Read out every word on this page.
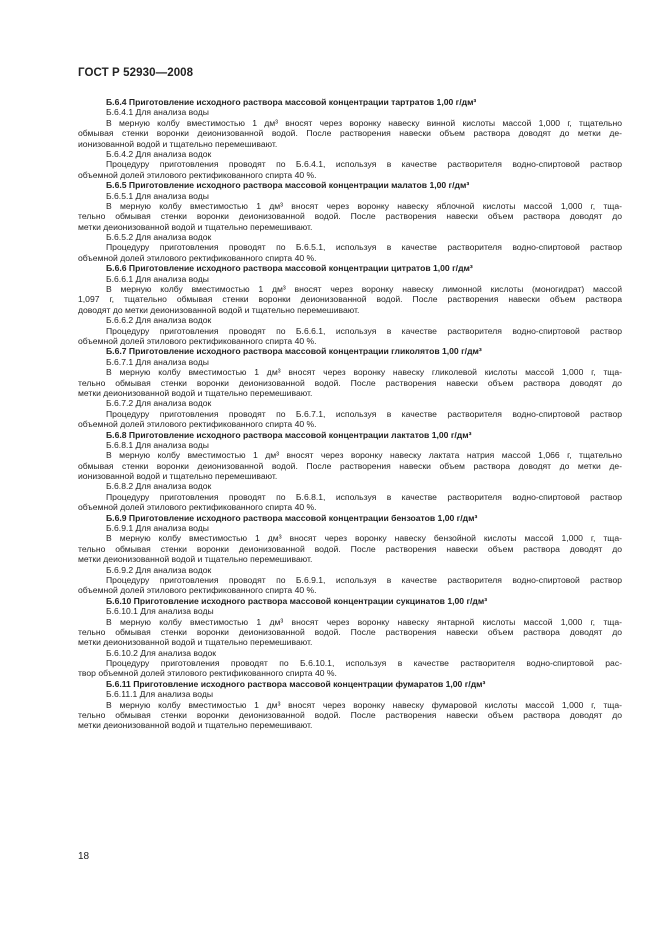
ГОСТ Р 52930—2008
Б.6.4 Приготовление исходного раствора массовой концентрации тартратов 1,00 г/дм³
Б.6.4.1 Для анализа воды
В мерную колбу вместимостью 1 дм³ вносят через воронку навеску винной кислоты массой 1,000 г, тщательно
обмывая стенки воронки деионизованной водой. После растворения навески объем раствора доводят до метки де-
ионизованной водой и тщательно перемешивают.
Б.6.4.2 Для анализа водок
Процедуру приготовления проводят по Б.6.4.1, используя в качестве растворителя водно-спиртовой раствор
объемной долей этилового ректификованного спирта 40 %.
Б.6.5 Приготовление исходного раствора массовой концентрации малатов 1,00 г/дм³
Б.6.5.1 Для анализа воды
В мерную колбу вместимостью 1 дм³ вносят через воронку навеску яблочной кислоты массой 1,000 г, тща-
тельно обмывая стенки воронки деионизованной водой. После растворения навески объем раствора доводят до
метки деионизованной водой и тщательно перемешивают.
Б.6.5.2 Для анализа водок
Процедуру приготовления проводят по Б.6.5.1, используя в качестве растворителя водно-спиртовой раствор
объемной долей этилового ректификованного спирта 40 %.
Б.6.6 Приготовление исходного раствора массовой концентрации цитратов 1,00 г/дм³
Б.6.6.1 Для анализа воды
В мерную колбу вместимостью 1 дм³ вносят через воронку навеску лимонной кислоты (моногидрат) массой
1,097 г, тщательно обмывая стенки воронки деионизованной водой. После растворения навески объем раствора
доводят до метки деионизованной водой и тщательно перемешивают.
Б.6.6.2 Для анализа водок
Процедуру приготовления проводят по Б.6.6.1, используя в качестве растворителя водно-спиртовой раствор
объемной долей этилового ректификованного спирта 40 %.
Б.6.7 Приготовление исходного раствора массовой концентрации гликолятов 1,00 г/дм³
Б.6.7.1 Для анализа воды
В мерную колбу вместимостью 1 дм³ вносят через воронку навеску гликолевой кислоты массой 1,000 г, тща-
тельно обмывая стенки воронки деионизованной водой. После растворения навески объем раствора доводят до
метки деионизованной водой и тщательно перемешивают.
Б.6.7.2 Для анализа водок
Процедуру приготовления проводят по Б.6.7.1, используя в качестве растворителя водно-спиртовой раствор
объемной долей этилового ректификованного спирта 40 %.
Б.6.8 Приготовление исходного раствора массовой концентрации лактатов 1,00 г/дм³
Б.6.8.1 Для анализа воды
В мерную колбу вместимостью 1 дм³ вносят через воронку навеску лактата натрия массой 1,066 г, тщательно
обмывая стенки воронки деионизованной водой. После растворения навески объем раствора доводят до метки де-
ионизованной водой и тщательно перемешивают.
Б.6.8.2 Для анализа водок
Процедуру приготовления проводят по Б.6.8.1, используя в качестве растворителя водно-спиртовой раствор
объемной долей этилового ректификованного спирта 40 %.
Б.6.9 Приготовление исходного раствора массовой концентрации бензоатов 1,00 г/дм³
Б.6.9.1 Для анализа воды
В мерную колбу вместимостью 1 дм³ вносят через воронку навеску бензойной кислоты массой 1,000 г, тща-
тельно обмывая стенки воронки деионизованной водой. После растворения навески объем раствора доводят до
метки деионизованной водой и тщательно перемешивают.
Б.6.9.2 Для анализа водок
Процедуру приготовления проводят по Б.6.9.1, используя в качестве растворителя водно-спиртовой раствор
объемной долей этилового ректификованного спирта 40 %.
Б.6.10 Приготовление исходного раствора массовой концентрации сукцинатов 1,00 г/дм³
Б.6.10.1 Для анализа воды
В мерную колбу вместимостью 1 дм³ вносят через воронку навеску янтарной кислоты массой 1,000 г, тща-
тельно обмывая стенки воронки деионизованной водой. После растворения навески объем раствора доводят до
метки деионизованной водой и тщательно перемешивают.
Б.6.10.2 Для анализа водок
Процедуру приготовления проводят по Б.6.10.1, используя в качестве растворителя водно-спиртовой рас-
твор объемной долей этилового ректификованного спирта 40 %.
Б.6.11 Приготовление исходного раствора массовой концентрации фумаратов 1,00 г/дм³
Б.6.11.1 Для анализа воды
В мерную колбу вместимостью 1 дм³ вносят через воронку навеску фумаровой кислоты массой 1,000 г, тща-
тельно обмывая стенки воронки деионизованной водой. После растворения навески объем раствора доводят до
метки деионизованной водой и тщательно перемешивают.
18
